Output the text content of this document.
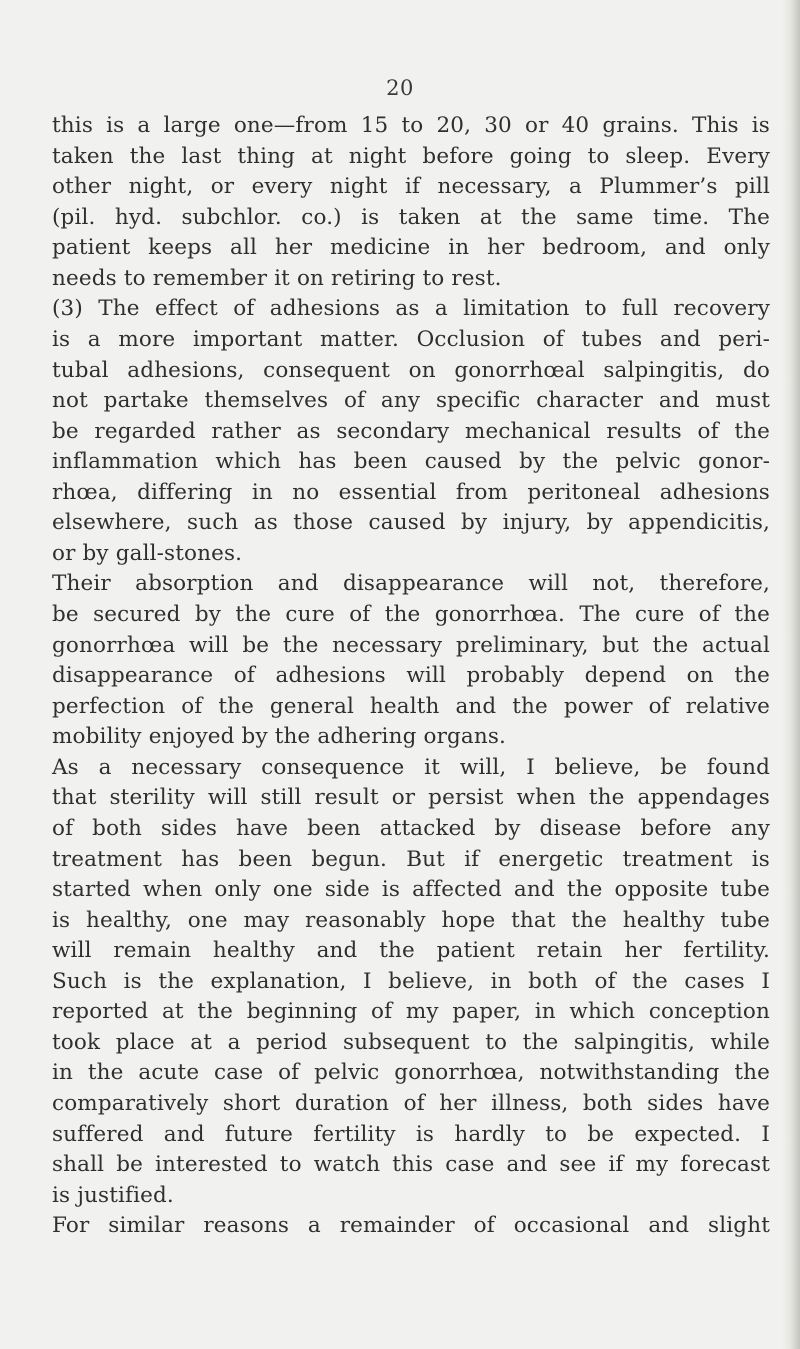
20
this is a large one—from 15 to 20, 30 or 40 grains. This is
taken the last thing at night before going to sleep. Every
other night, or every night if necessary, a Plummer’s pill
(pil. hyd. subchlor. co.) is taken at the same time. The
patient keeps all her medicine in her bedroom, and only
needs to remember it on retiring to rest.
(3) The effect of adhesions as a limitation to full recovery
is a more important matter. Occlusion of tubes and peri-
tubal adhesions, consequent on gonorrhœal salpingitis, do
not partake themselves of any specific character and must
be regarded rather as secondary mechanical results of the
inflammation which has been caused by the pelvic gonor-
rhœa, differing in no essential from peritoneal adhesions
elsewhere, such as those caused by injury, by appendicitis,
or by gall-stones.
Their absorption and disappearance will not, therefore,
be secured by the cure of the gonorrhœa. The cure of the
gonorrhœa will be the necessary preliminary, but the actual
disappearance of adhesions will probably depend on the
perfection of the general health and the power of relative
mobility enjoyed by the adhering organs.
As a necessary consequence it will, I believe, be found
that sterility will still result or persist when the appendages
of both sides have been attacked by disease before any
treatment has been begun. But if energetic treatment is
started when only one side is affected and the opposite tube
is healthy, one may reasonably hope that the healthy tube
will remain healthy and the patient retain her fertility.
Such is the explanation, I believe, in both of the cases I
reported at the beginning of my paper, in which conception
took place at a period subsequent to the salpingitis, while
in the acute case of pelvic gonorrhœa, notwithstanding the
comparatively short duration of her illness, both sides have
suffered and future fertility is hardly to be expected. I
shall be interested to watch this case and see if my forecast
is justified.
For similar reasons a remainder of occasional and slight
